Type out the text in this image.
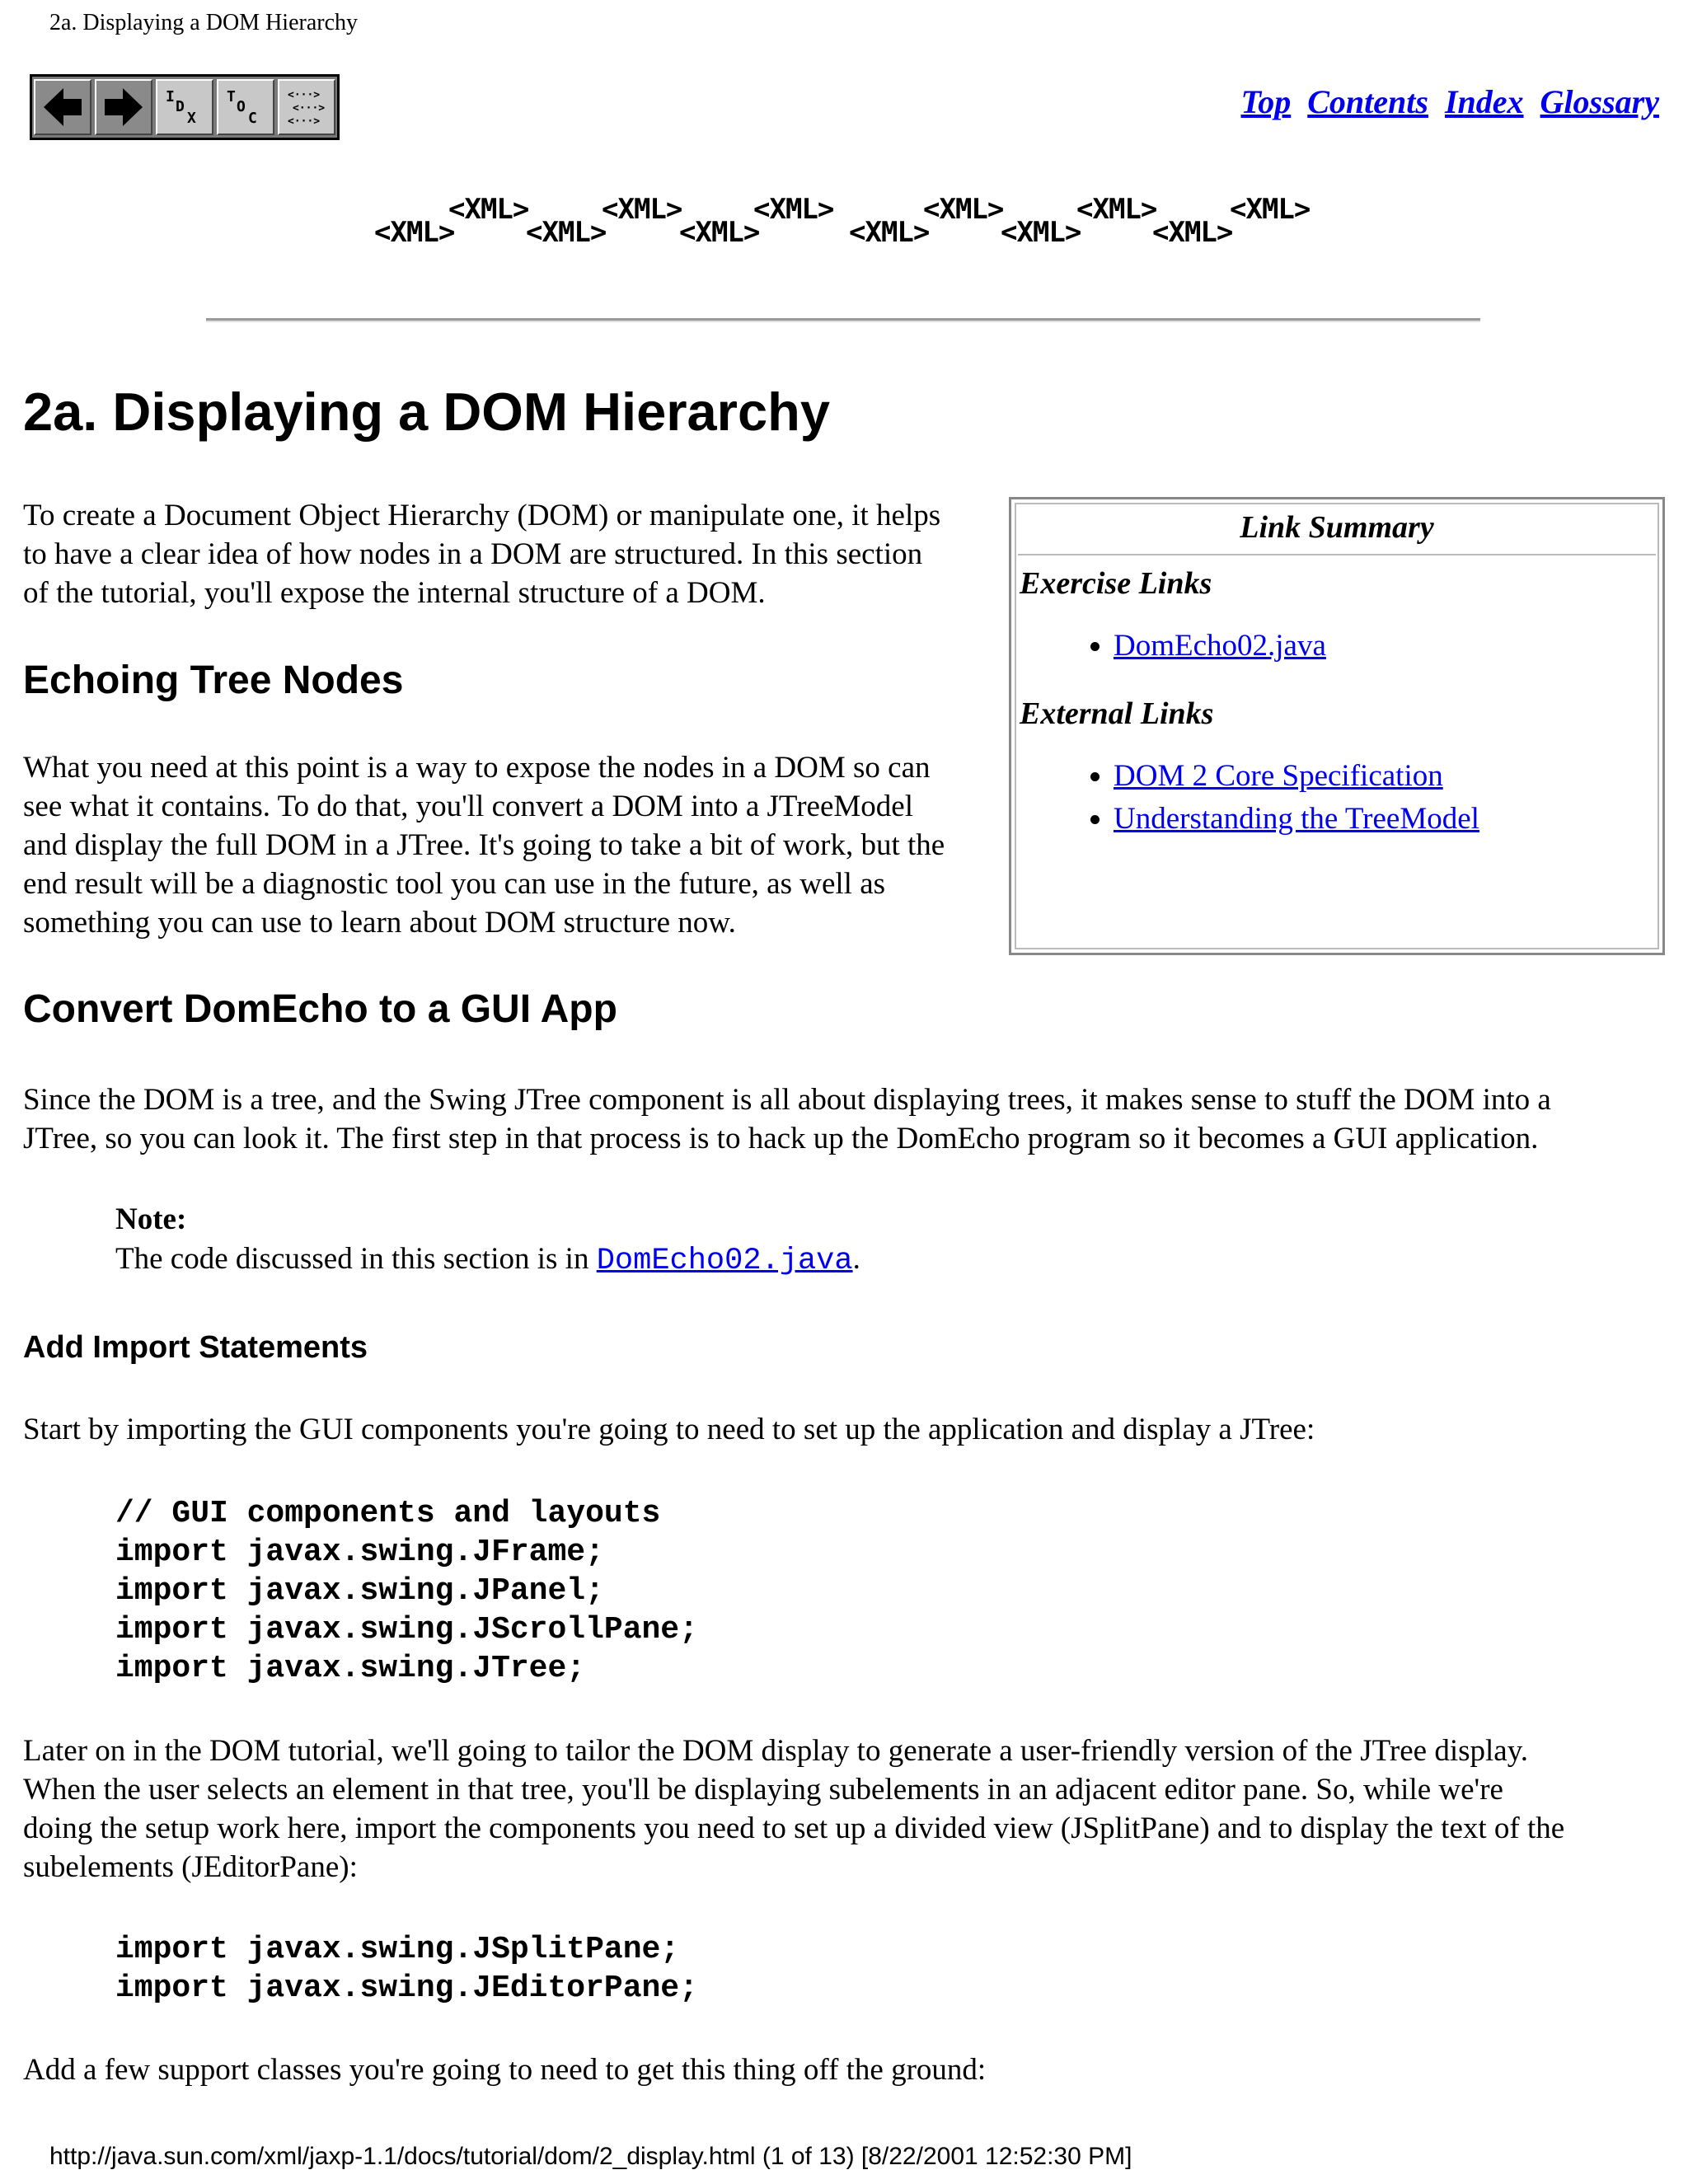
2a. Displaying a DOM Hierarchy
I
D
X
T
O
C
<···>
<···>
<···>
Top Contents Index Glossary
<XML>
<XML>
<XML>
<XML>
<XML>
<XML>
<XML>
<XML>
<XML>
<XML>
<XML>
<XML>
2a. Displaying a DOM Hierarchy
To create a Document Object Hierarchy (DOM) or manipulate one, it helps
to have a clear idea of how nodes in a DOM are structured. In this section
of the tutorial, you'll expose the internal structure of a DOM.
Link Summary
Exercise Links
• DomEcho02.java
External Links
• DOM 2 Core Specification
• Understanding the TreeModel
Echoing Tree Nodes
What you need at this point is a way to expose the nodes in a DOM so can
see what it contains. To do that, you'll convert a DOM into a JTreeModel
and display the full DOM in a JTree. It's going to take a bit of work, but the
end result will be a diagnostic tool you can use in the future, as well as
something you can use to learn about DOM structure now.
Convert DomEcho to a GUI App
Since the DOM is a tree, and the Swing JTree component is all about displaying trees, it makes sense to stuff the DOM into a
JTree, so you can look it. The first step in that process is to hack up the DomEcho program so it becomes a GUI application.
Note:
The code discussed in this section is in DomEcho02.java.
Add Import Statements
Start by importing the GUI components you're going to need to set up the application and display a JTree:
// GUI components and layouts
import javax.swing.JFrame;
import javax.swing.JPanel;
import javax.swing.JScrollPane;
import javax.swing.JTree;
Later on in the DOM tutorial, we'll going to tailor the DOM display to generate a user-friendly version of the JTree display.
When the user selects an element in that tree, you'll be displaying subelements in an adjacent editor pane. So, while we're
doing the setup work here, import the components you need to set up a divided view (JSplitPane) and to display the text of the
subelements (JEditorPane):
import javax.swing.JSplitPane;
import javax.swing.JEditorPane;
Add a few support classes you're going to need to get this thing off the ground:
http://java.sun.com/xml/jaxp-1.1/docs/tutorial/dom/2_display.html (1 of 13) [8/22/2001 12:52:30 PM]
